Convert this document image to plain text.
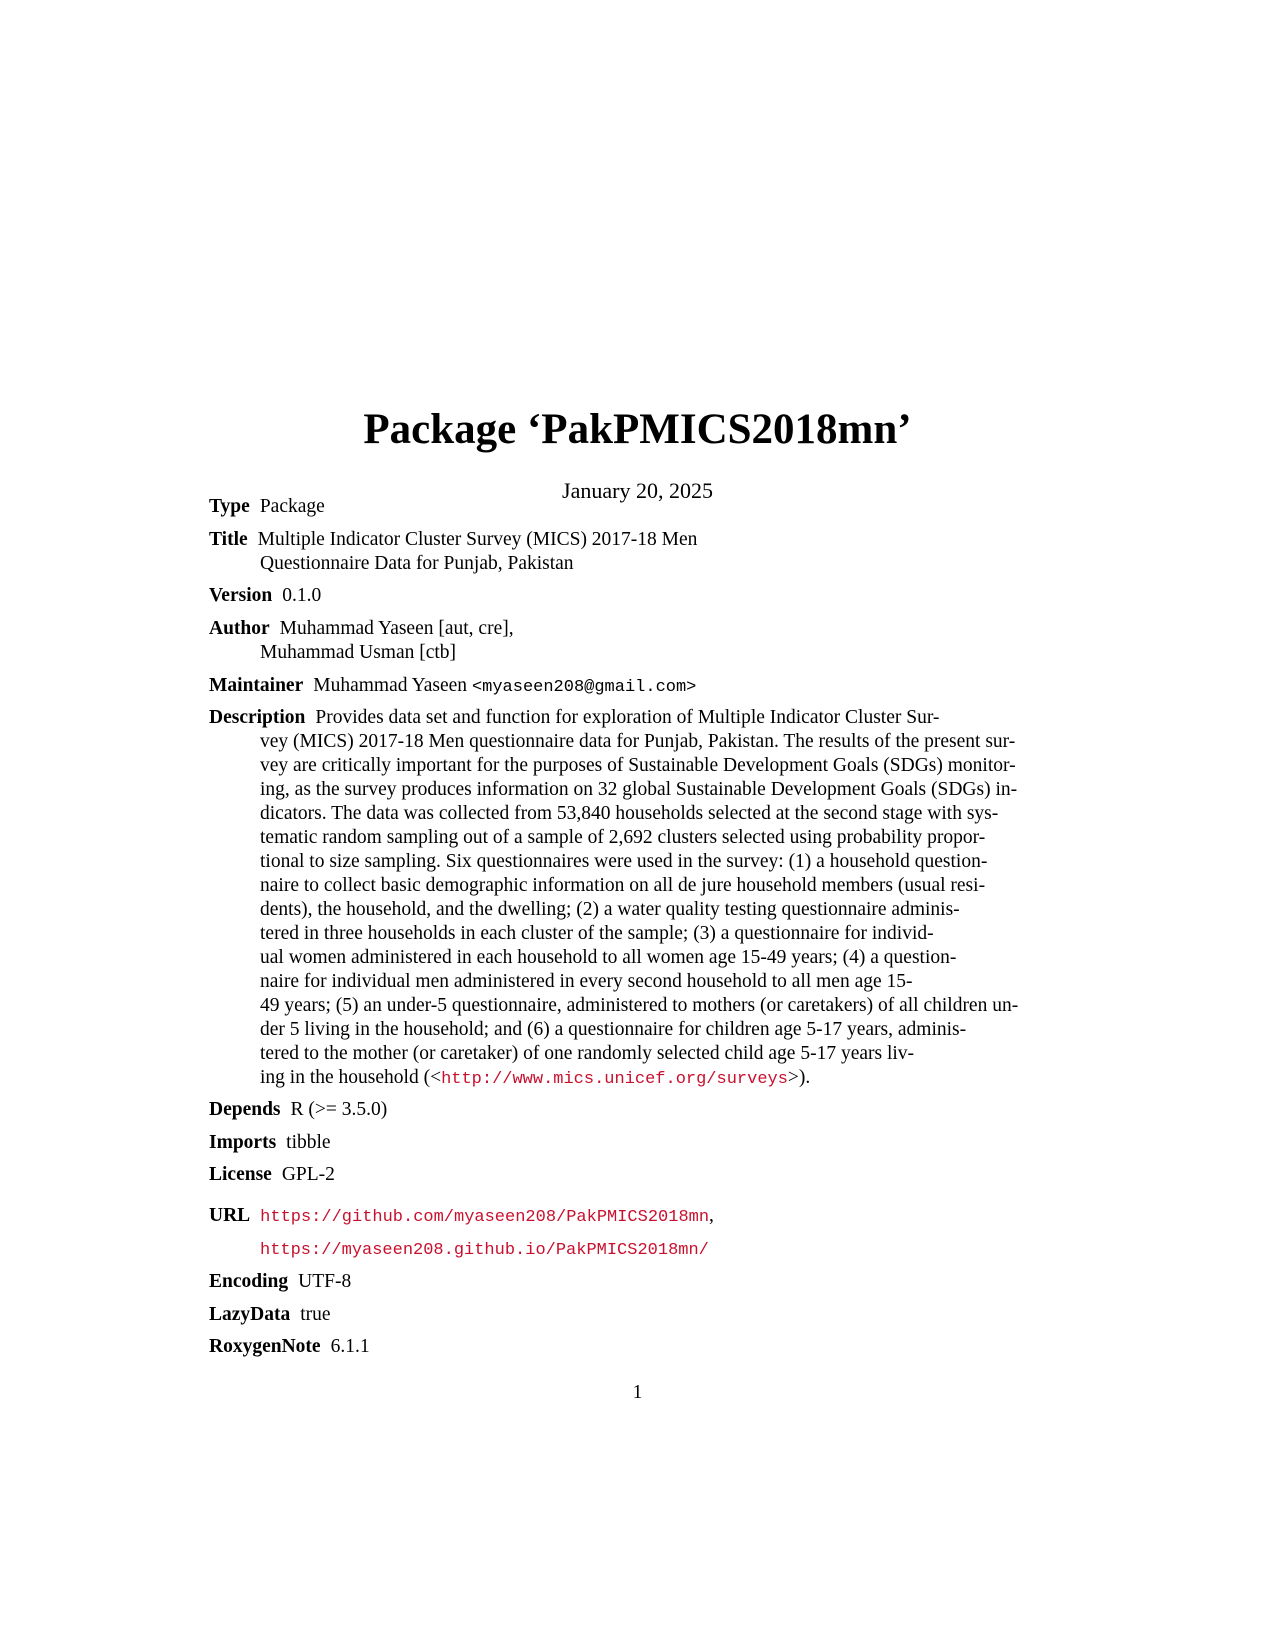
Package ‘PakPMICS2018mn’
January 20, 2025
Type Package
Title Multiple Indicator Cluster Survey (MICS) 2017-18 Men
Questionnaire Data for Punjab, Pakistan
Version 0.1.0
Author Muhammad Yaseen [aut, cre],
Muhammad Usman [ctb]
Maintainer Muhammad Yaseen <myaseen208@gmail.com>
Description Provides data set and function for exploration of Multiple Indicator Cluster Sur-
vey (MICS) 2017-18 Men questionnaire data for Punjab, Pakistan. The results of the present sur-
vey are critically important for the purposes of Sustainable Development Goals (SDGs) monitor-
ing, as the survey produces information on 32 global Sustainable Development Goals (SDGs) in-
dicators. The data was collected from 53,840 households selected at the second stage with sys-
tematic random sampling out of a sample of 2,692 clusters selected using probability propor-
tional to size sampling. Six questionnaires were used in the survey: (1) a household question-
naire to collect basic demographic information on all de jure household members (usual resi-
dents), the household, and the dwelling; (2) a water quality testing questionnaire adminis-
tered in three households in each cluster of the sample; (3) a questionnaire for individ-
ual women administered in each household to all women age 15-49 years; (4) a question-
naire for individual men administered in every second household to all men age 15-
49 years; (5) an under-5 questionnaire, administered to mothers (or caretakers) of all children un-
der 5 living in the household; and (6) a questionnaire for children age 5-17 years, adminis-
tered to the mother (or caretaker) of one randomly selected child age 5-17 years liv-
ing in the household (<http://www.mics.unicef.org/surveys>).
Depends R (>= 3.5.0)
Imports tibble
License GPL-2
URL https://github.com/myaseen208/PakPMICS2018mn,
https://myaseen208.github.io/PakPMICS2018mn/
Encoding UTF-8
LazyData true
RoxygenNote 6.1.1
1
